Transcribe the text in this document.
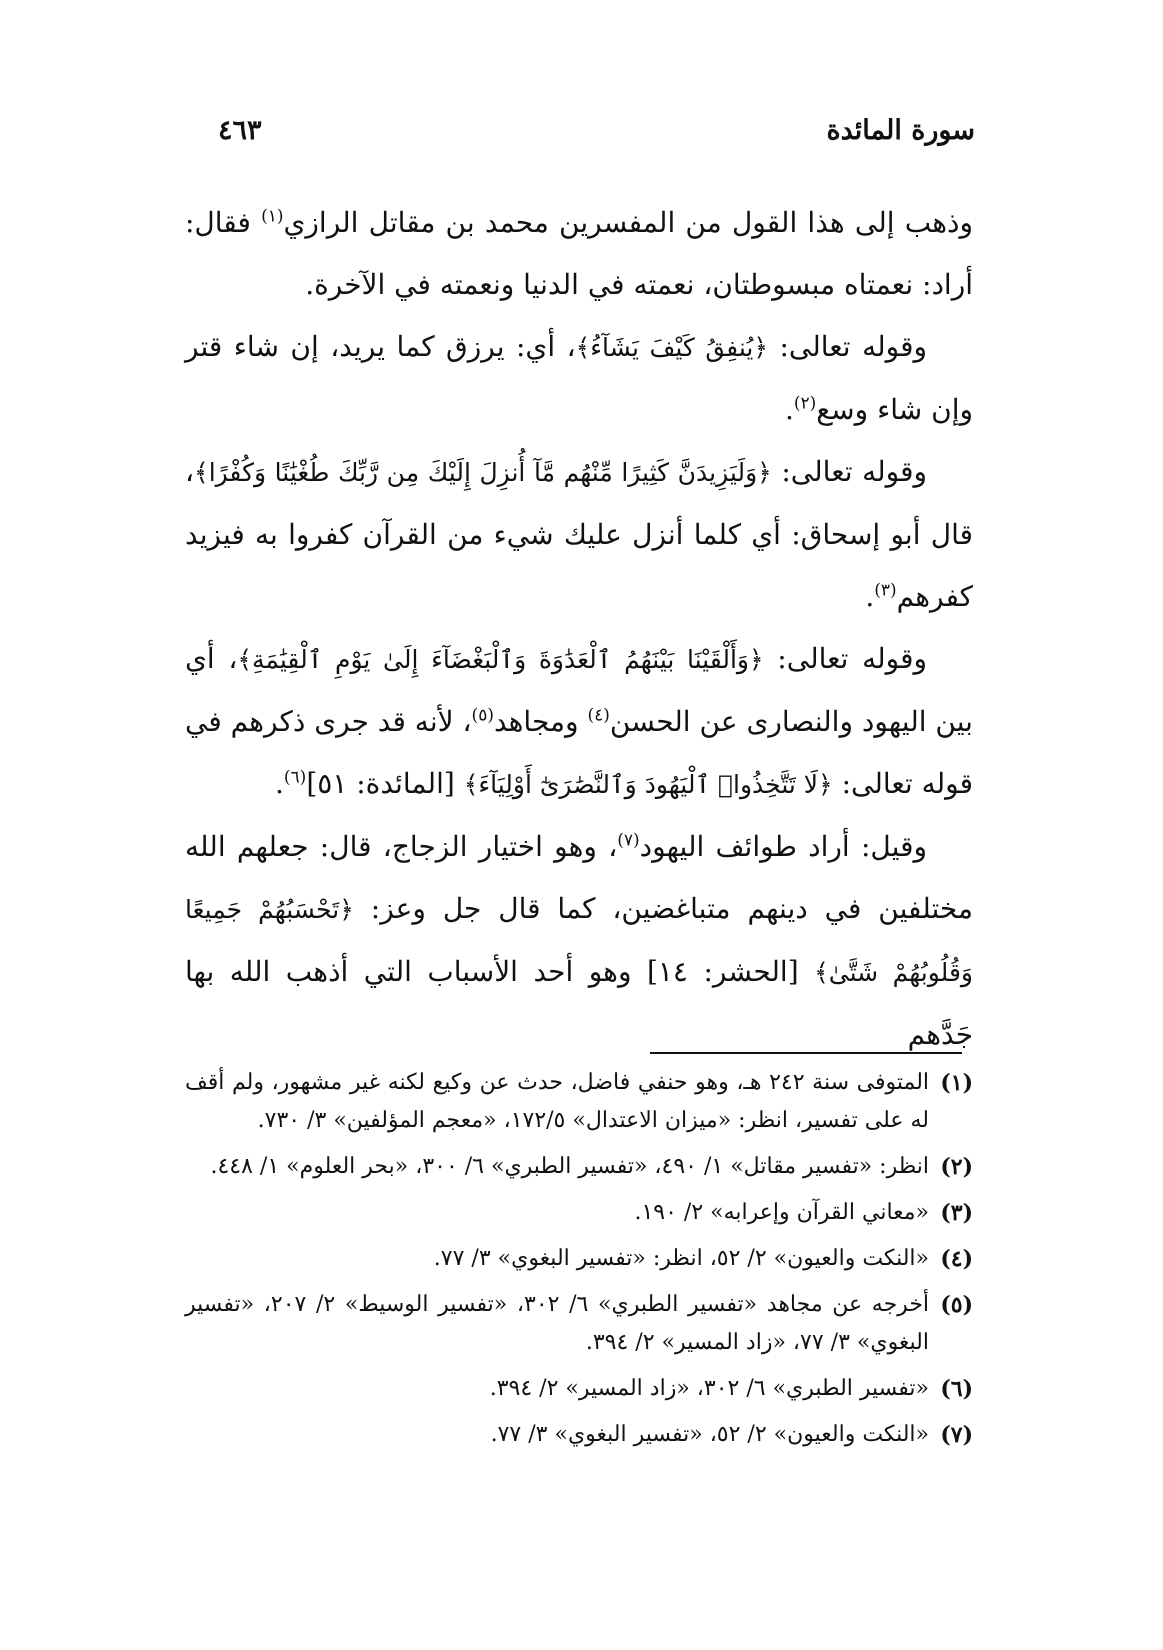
سورة المائدة
٤٦٣

وذهب إلى هذا القول من المفسرين محمد بن مقاتل الرازي$^{(١)}$ فقال: أراد: نعمتاه مبسوطتان، نعمته في الدنيا ونعمته في الآخرة.

وقوله تعالى: ﴿يُنفِقُ كَيْفَ يَشَآءُ﴾، أي: يرزق كما يريد، إن شاء قتر وإن شاء وسع$^{(٢)}$.

وقوله تعالى: ﴿وَلَيَزِيدَنَّ كَثِيرًا مِّنْهُم مَّآ أُنزِلَ إِلَيْكَ مِن رَّبِّكَ طُغْيَٰنًا وَكُفْرًا﴾، قال أبو إسحاق: أي كلما أنزل عليك شيء من القرآن كفروا به فيزيد كفرهم$^{(٣)}$.

وقوله تعالى: ﴿وَأَلْقَيْنَا بَيْنَهُمُ ٱلْعَدَٰوَةَ وَٱلْبَغْضَآءَ إِلَىٰ يَوْمِ ٱلْقِيَٰمَةِ﴾، أي بين اليهود والنصارى عن الحسن$^{(٤)}$ ومجاهد$^{(٥)}$، لأنه قد جرى ذكرهم في قوله تعالى: ﴿لَا تَتَّخِذُوا۟ ٱلْيَهُودَ وَٱلنَّصَٰرَىٰٓ أَوْلِيَآءَ﴾ [المائدة: ٥١]$^{(٦)}$.

وقيل: أراد طوائف اليهود$^{(٧)}$، وهو اختيار الزجاج، قال: جعلهم الله مختلفين في دينهم متباغضين، كما قال جل وعز: ﴿تَحْسَبُهُمْ جَمِيعًا وَقُلُوبُهُمْ شَتَّىٰ﴾ [الحشر: ١٤] وهو أحد الأسباب التي أذهب الله بها جَدَّهم

(١)
المتوفى سنة ٢٤٢ هـ، وهو حنفي فاضل، حدث عن وكيع لكنه غير مشهور، ولم أقف له على تفسير، انظر: «ميزان الاعتدال» ١٧٢/٥، «معجم المؤلفين» ٣/ ٧٣٠.
(٢)
انظر: «تفسير مقاتل» ١/ ٤٩٠، «تفسير الطبري» ٦/ ٣٠٠، «بحر العلوم» ١/ ٤٤٨.
(٣)
«معاني القرآن وإعرابه» ٢/ ١٩٠.
(٤)
«النكت والعيون» ٢/ ٥٢، انظر: «تفسير البغوي» ٣/ ٧٧.
(٥)
أخرجه عن مجاهد «تفسير الطبري» ٦/ ٣٠٢، «تفسير الوسيط» ٢/ ٢٠٧، «تفسير البغوي» ٣/ ٧٧، «زاد المسير» ٢/ ٣٩٤.
(٦)
«تفسير الطبري» ٦/ ٣٠٢، «زاد المسير» ٢/ ٣٩٤.
(٧)
«النكت والعيون» ٢/ ٥٢، «تفسير البغوي» ٣/ ٧٧.
